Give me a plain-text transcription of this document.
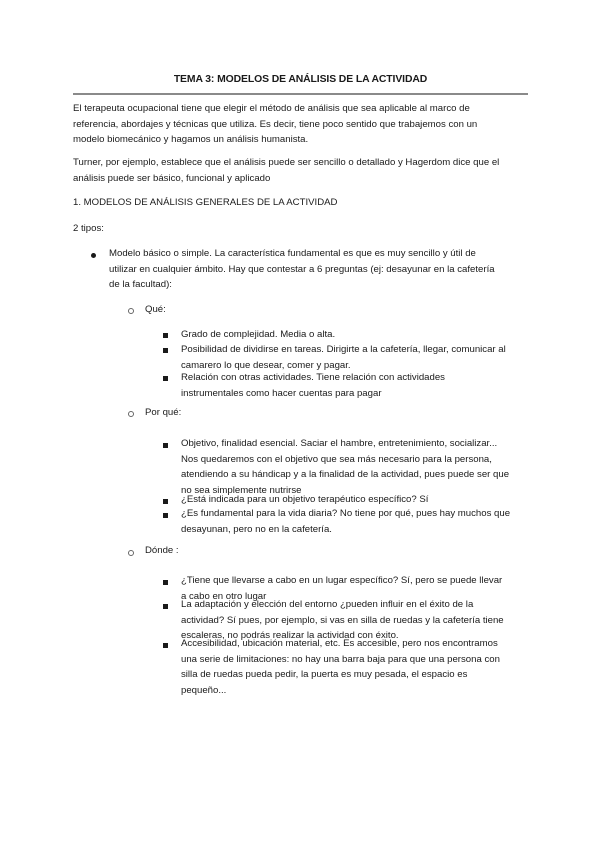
TEMA 3: MODELOS DE ANÁLISIS DE LA ACTIVIDAD
El terapeuta ocupacional tiene que elegir el método de análisis que sea aplicable al marco de
referencia, abordajes y técnicas que utiliza. Es decir, tiene poco sentido que trabajemos con un
modelo biomecánico y hagamos un análisis humanista.
Turner, por ejemplo, establece que el análisis puede ser sencillo o detallado y Hagerdom dice que el
análisis puede ser básico, funcional y aplicado
1. MODELOS DE ANÁLISIS GENERALES DE LA ACTIVIDAD
2 tipos:
Modelo básico o simple. La característica fundamental es que es muy sencillo y útil de
utilizar en cualquier ámbito. Hay que contestar a 6 preguntas (ej: desayunar en la cafetería
de la facultad):
Qué:
Grado de complejidad. Media o alta.
Posibilidad de dividirse en tareas. Dirigirte a la cafetería, llegar, comunicar al
camarero lo que desear, comer y pagar.
Relación con otras actividades. Tiene relación con actividades
instrumentales como hacer cuentas para pagar
Por qué:
Objetivo, finalidad esencial. Saciar el hambre, entretenimiento, socializar...
Nos quedaremos con el objetivo que sea más necesario para la persona,
atendiendo a su hándicap y a la finalidad de la actividad, pues puede ser que
no sea simplemente nutrirse
¿Está indicada para un objetivo terapéutico específico? Sí
¿Es fundamental para la vida diaria? No tiene por qué, pues hay muchos que
desayunan, pero no en la cafetería.
Dónde :
¿Tiene que llevarse a cabo en un lugar específico? Sí, pero se puede llevar
a cabo en otro lugar
La adaptación y elección del entorno ¿pueden influir en el éxito de la
actividad? Sí pues, por ejemplo, si vas en silla de ruedas y la cafetería tiene
escaleras, no podrás realizar la actividad con éxito.
Accesibilidad, ubicación material, etc. Es accesible, pero nos encontramos
una serie de limitaciones: no hay una barra baja para que una persona con
silla de ruedas pueda pedir, la puerta es muy pesada, el espacio es
pequeño...
